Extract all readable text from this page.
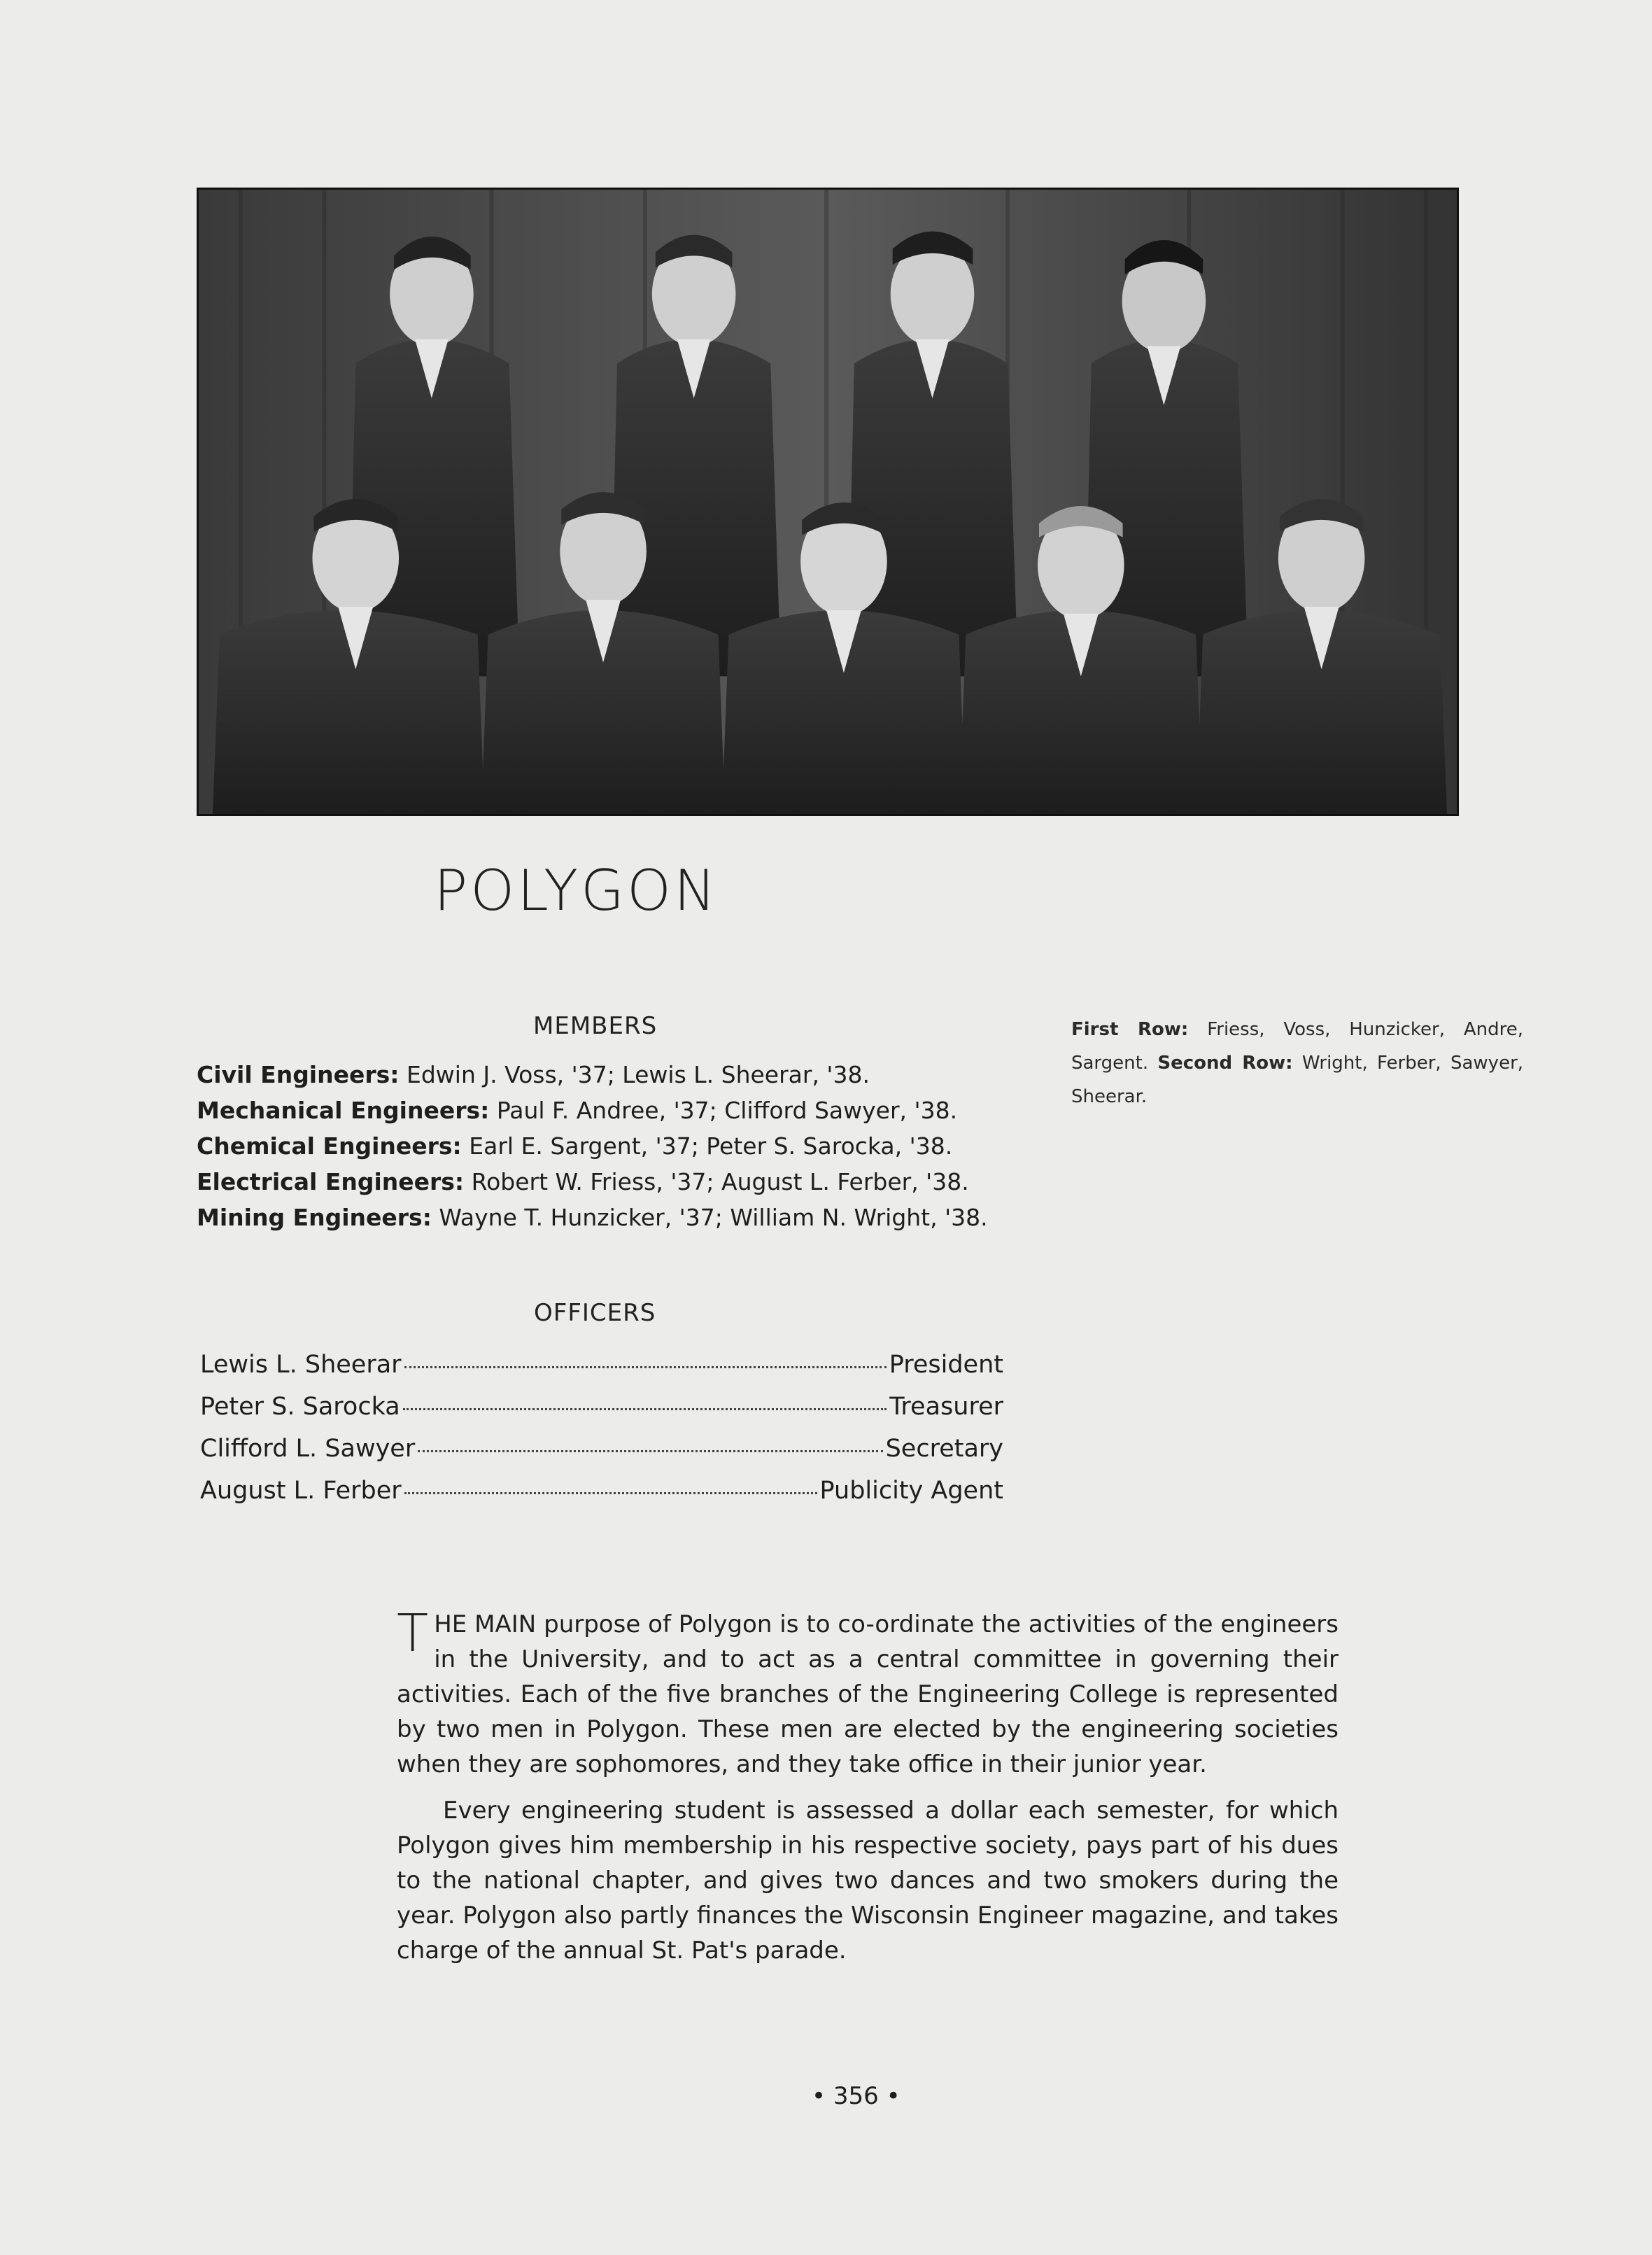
POLYGON
MEMBERS
Civil Engineers: Edwin J. Voss, '37; Lewis L. Sheerar, '38.
Mechanical Engineers: Paul F. Andree, '37; Clifford Sawyer, '38.
Chemical Engineers: Earl E. Sargent, '37; Peter S. Sarocka, '38.
Electrical Engineers: Robert W. Friess, '37; August L. Ferber, '38.
Mining Engineers: Wayne T. Hunzicker, '37; William N. Wright, '38.
First Row: Friess, Voss, Hunzicker, Andre, Sargent. Second Row: Wright, Ferber, Sawyer, Sheerar.
OFFICERS
Lewis L. Sheerar	President
Peter S. Sarocka	Treasurer
Clifford L. Sawyer	Secretary
August L. Ferber	Publicity Agent

THE MAIN purpose of Polygon is to co-ordinate the activities of the engineers in the University, and to act as a central committee in governing their activities. Each of the five branches of the Engineering College is represented by two men in Polygon. These men are elected by the engineering societies when they are sophomores, and they take office in their junior year.

Every engineering student is assessed a dollar each semester, for which Polygon gives him membership in his respective society, pays part of his dues to the national chapter, and gives two dances and two smokers during the year. Polygon also partly finances the Wisconsin Engineer magazine, and takes charge of the annual St. Pat's parade.

• 356 •
